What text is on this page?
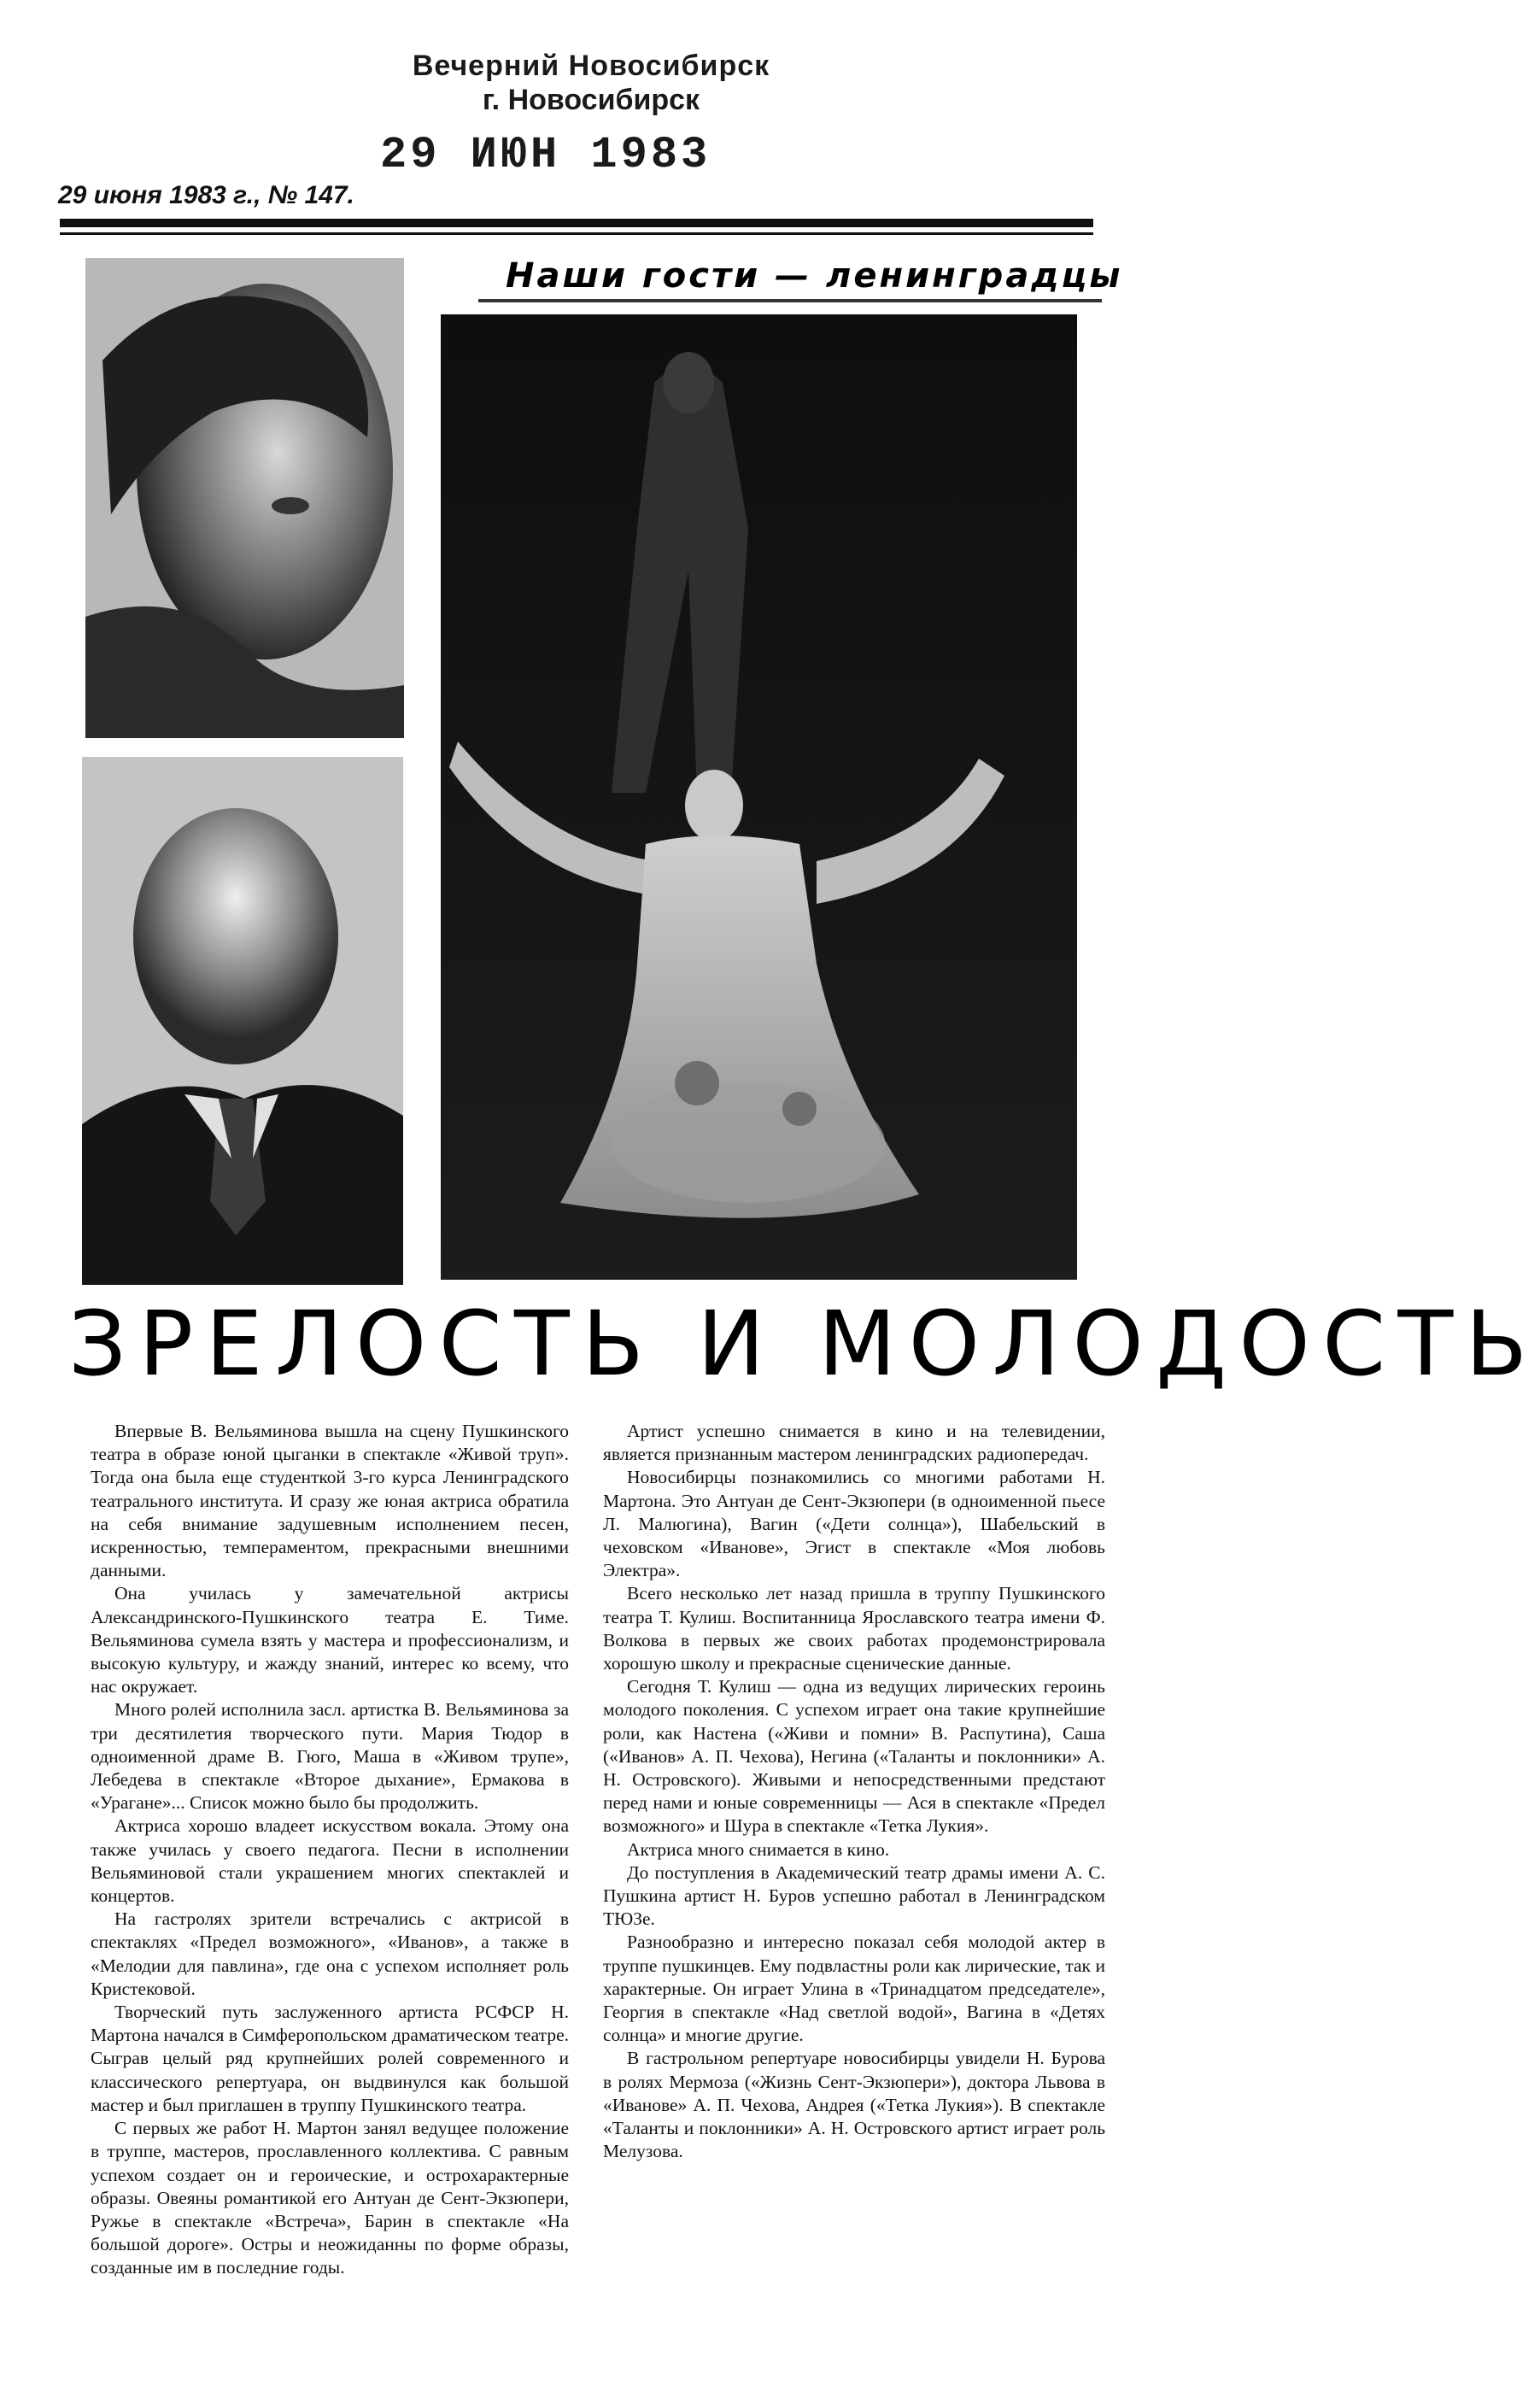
Вечерний Новосибирск
г. Новосибирск
29 ИЮН 1983
29 июня 1983 г., № 147.
Наши гости — ленинградцы
ЗРЕЛОСТЬ И МОЛОДОСТЬ

Впервые В. Вельяминова вышла на сцену Пушкинского театра в образе юной цыганки в спектакле «Живой труп». Тогда она была еще студенткой 3-го курса Ленинградского театрального института. И сразу же юная актриса обратила на себя внимание задушевным исполнением песен, искренностью, темпераментом, прекрасными внешними данными.

Она училась у замечательной актрисы Александринского-Пушкинского театра Е. Тиме. Вельяминова сумела взять у мастера и профессионализм, и высокую культуру, и жажду знаний, интерес ко всему, что нас окружает.

Много ролей исполнила засл. артистка В. Вельяминова за три десятилетия творческого пути. Мария Тюдор в одноименной драме В. Гюго, Маша в «Живом трупе», Лебедева в спектакле «Второе дыхание», Ермакова в «Урагане»... Список можно было бы продолжить.

Актриса хорошо владеет искусством вокала. Этому она также училась у своего педагога. Песни в исполнении Вельяминовой стали украшением многих спектаклей и концертов.

На гастролях зрители встречались с актрисой в спектаклях «Предел возможного», «Иванов», а также в «Мелодии для павлина», где она с успехом исполняет роль Кристековой.

Творческий путь заслуженного артиста РСФСР Н. Мартона начался в Симферопольском драматическом театре. Сыграв целый ряд крупнейших ролей современного и классического репертуара, он выдвинулся как большой мастер и был приглашен в труппу Пушкинского театра.

С первых же работ Н. Мартон занял ведущее положение в труппе, мастеров, прославленного коллектива. С равным успехом создает он и героические, и острохарактерные образы. Овеяны романтикой его Антуан де Сент-Экзюпери, Ружье в спектакле «Встреча», Барин в спектакле «На большой дороге». Остры и неожиданны по форме образы, созданные им в последние годы.

Артист успешно снимается в кино и на телевидении, является признанным мастером ленинградских радиопередач.

Новосибирцы познакомились со многими работами Н. Мартона. Это Антуан де Сент-Экзюпери (в одноименной пьесе Л. Малюгина), Вагин («Дети солнца»), Шабельский в чеховском «Иванове», Эгист в спектакле «Моя любовь Электра».

Всего несколько лет назад пришла в труппу Пушкинского театра Т. Кулиш. Воспитанница Ярославского театра имени Ф. Волкова в первых же своих работах продемонстрировала хорошую школу и прекрасные сценические данные.

Сегодня Т. Кулиш — одна из ведущих лирических героинь молодого поколения. С успехом играет она такие крупнейшие роли, как Настена («Живи и помни» В. Распутина), Саша («Иванов» А. П. Чехова), Негина («Таланты и поклонники» А. Н. Островского). Живыми и непосредственными предстают перед нами и юные современницы — Ася в спектакле «Предел возможного» и Шура в спектакле «Тетка Лукия».

Актриса много снимается в кино.

До поступления в Академический театр драмы имени А. С. Пушкина артист Н. Буров успешно работал в Ленинградском ТЮЗе.

Разнообразно и интересно показал себя молодой актер в труппе пушкинцев. Ему подвластны роли как лирические, так и характерные. Он играет Улина в «Тринадцатом председателе», Георгия в спектакле «Над светлой водой», Вагина в «Детях солнца» и многие другие.

В гастрольном репертуаре новосибирцы увидели Н. Бурова в ролях Мермоза («Жизнь Сент-Экзюпери»), доктора Львова в «Иванове» А. П. Чехова, Андрея («Тетка Лукия»). В спектакле «Таланты и поклонники» А. Н. Островского артист играет роль Мелузова.
